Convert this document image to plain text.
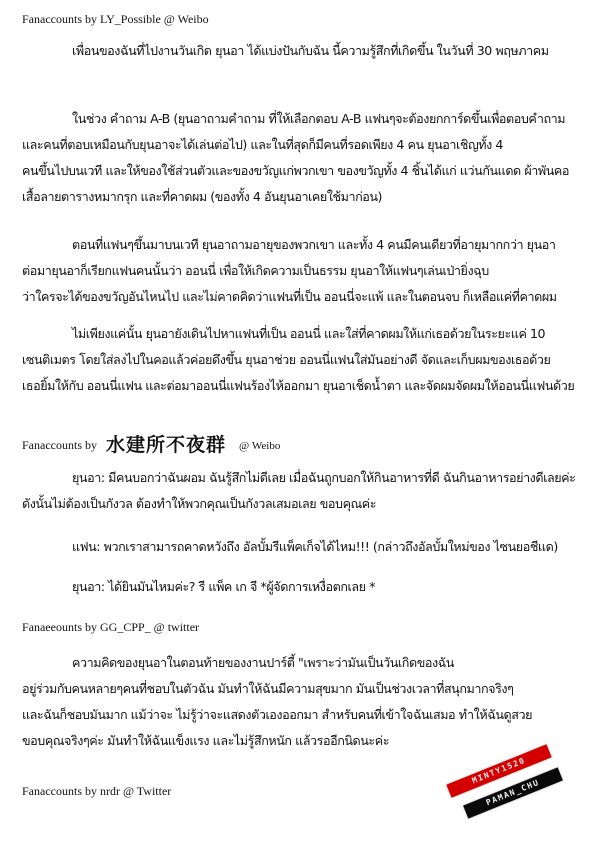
Fanaccounts by LY_Possible @ Weibo
เพื่อนของฉันที่ไปงานวันเกิด ยุนอา ได้แบ่งปันกับฉัน นี้ความรู้สึกที่เกิดขึ้น ในวันที่ 30 พฤษภาคม
ในช่วง คำถาม A-B (ยุนอาถามคำถาม ที่ให้เลือกตอบ A-B แฟนๆจะต้องยกการ์ดขึ้นเพื่อตอบคำถาม
และคนที่ตอบเหมือนกับยุนอาจะได้เล่นต่อไป) และในที่สุดก็มีคนที่รอดเพียง 4 คน ยุนอาเชิญทั้ง 4
คนขึ้นไปบนเวที และให้ของใช้ส่วนตัวและของขวัญแก่พวกเขา ของขวัญทั้ง 4 ชิ้นได้แก่ แว่นกันแดด ผ้าพันคอ
เสื้อลายตารางหมากรุก และที่คาดผม (ของทั้ง 4 อันยุนอาเคยใช้มาก่อน)
ตอนที่แฟนๆขึ้นมาบนเวที ยุนอาถามอายุของพวกเขา และทั้ง 4 คนมีคนเดียวที่อายุมากกว่า ยุนอา
ต่อมายุนอาก็เรียกแฟนคนนั้นว่า ออนนี่ เพื่อให้เกิดความเป็นธรรม ยุนอาให้แฟนๆเล่นเป่ายิ่งฉุบ
ว่าใครจะได้ของขวัญอันไหนไป และไม่คาดคิดว่าแฟนที่เป็น ออนนี่จะแพ้ และในตอนจบ ก็เหลือแค่ที่คาดผม
ไม่เพียงแค่นั้น ยุนอายังเดินไปหาแฟนที่เป็น ออนนี่ และใส่ที่คาดผมให้แก่เธอด้วยในระยะแค่ 10
เซนติเมตร โดยใส่ลงไปในคอแล้วค่อยดึงขึ้น ยุนอาช่วย ออนนี่แฟนใส่มันอย่างดี จัดและเก็บผมของเธอด้วย
เธอยิ้มให้กับ ออนนี่แฟน และต่อมาออนนี่แฟนร้องไห้ออกมา ยุนอาเช็ดน้ำตา และจัดผมจัดผมให้ออนนี่แฟนด้วย
Fanaccounts by 水建所不夜群 @ Weibo
ยุนอา: มีคนบอกว่าฉันผอม ฉันรู้สึกไม่ดีเลย เมื่อฉันถูกบอกให้กินอาหารที่ดี ฉันกินอาหารอย่างดีเลยค่ะ
ดังนั้นไม่ต้องเป็นกังวล ต้องทำให้พวกคุณเป็นกังวลเสมอเลย ขอบคุณค่ะ
แฟน: พวกเราสามารถคาดหวังถึง อัลบั้มรีแพ็คเก็จได้ไหม!!! (กล่าวถึงอัลบั้มใหม่ของ ไซนยอชีแด)
ยุนอา: ได้ยินมันไหมค่ะ? รี แพ็ค เก จี *ผู้จัดการเหงื่อตกเลย *
Fanaeeounts by GG_CPP_ @ twitter
ความคิดของยุนอาในตอนท้ายของงานปาร์ตี้ "เพราะว่ามันเป็นวันเกิดของฉัน
อยู่ร่วมกับคนหลายๆคนที่ชอบในตัวฉัน มันทำให้ฉันมีความสุขมาก มันเป็นช่วงเวลาที่สนุกมากจริงๆ
และฉันก็ชอบมันมาก แม้ว่าจะ ไม่รู้ว่าจะแสดงตัวเองออกมา สำหรับคนที่เข้าใจฉันเสมอ ทำให้ฉันดูสวย
ขอบคุณจริงๆค่ะ มันทำให้ฉันแข็งแรง และไม่รู้สึกหนัก แล้วรออีกนิดนะค่ะ
Fanaccounts by nrdr @ Twitter
MINTY1520
PAMAN_CHU
